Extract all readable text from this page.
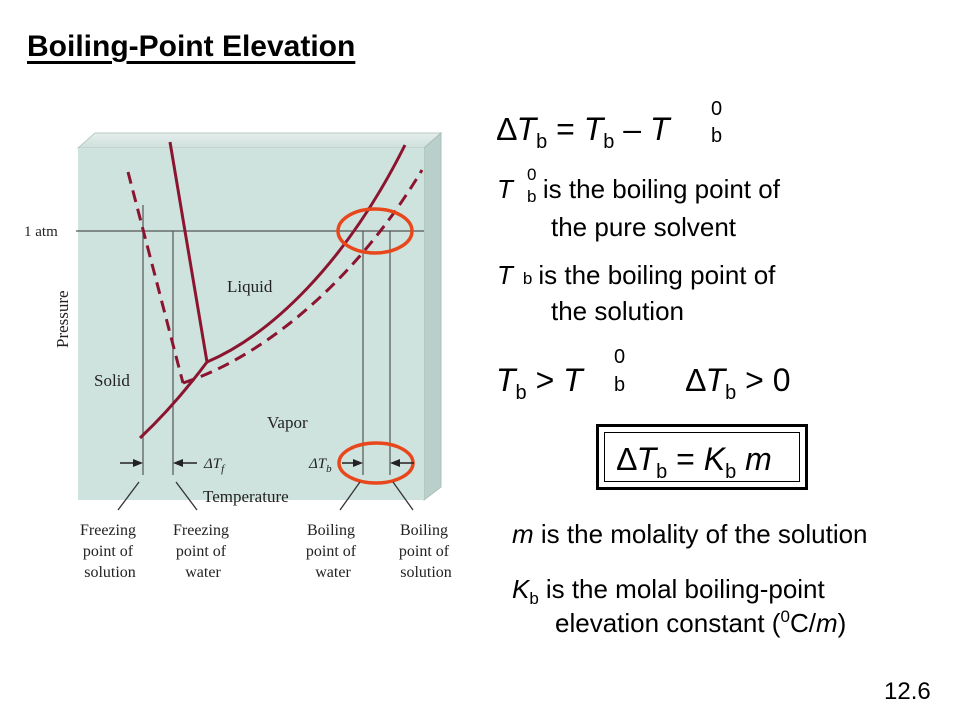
Boiling-Point Elevation
1 atm
Pressure
Liquid
Solid
Vapor
Temperature
$\Delta T_f$	$\Delta T_b$
Freezing point of solution
Freezing point of water
Boiling point of water
Boiling point of solution
$\Delta T_b = T_b - T$
0
b
T is the boiling point of
0
b
the pure solvent
Tb is the boiling point of
the solution
$T_b > T$
0
b $\Delta T_b > 0$
$\Delta T_b = K_b$ m
m is the molality of the solution
$K_b$ is the molal boiling-point
elevation constant ($^0$C/m)
12.6
